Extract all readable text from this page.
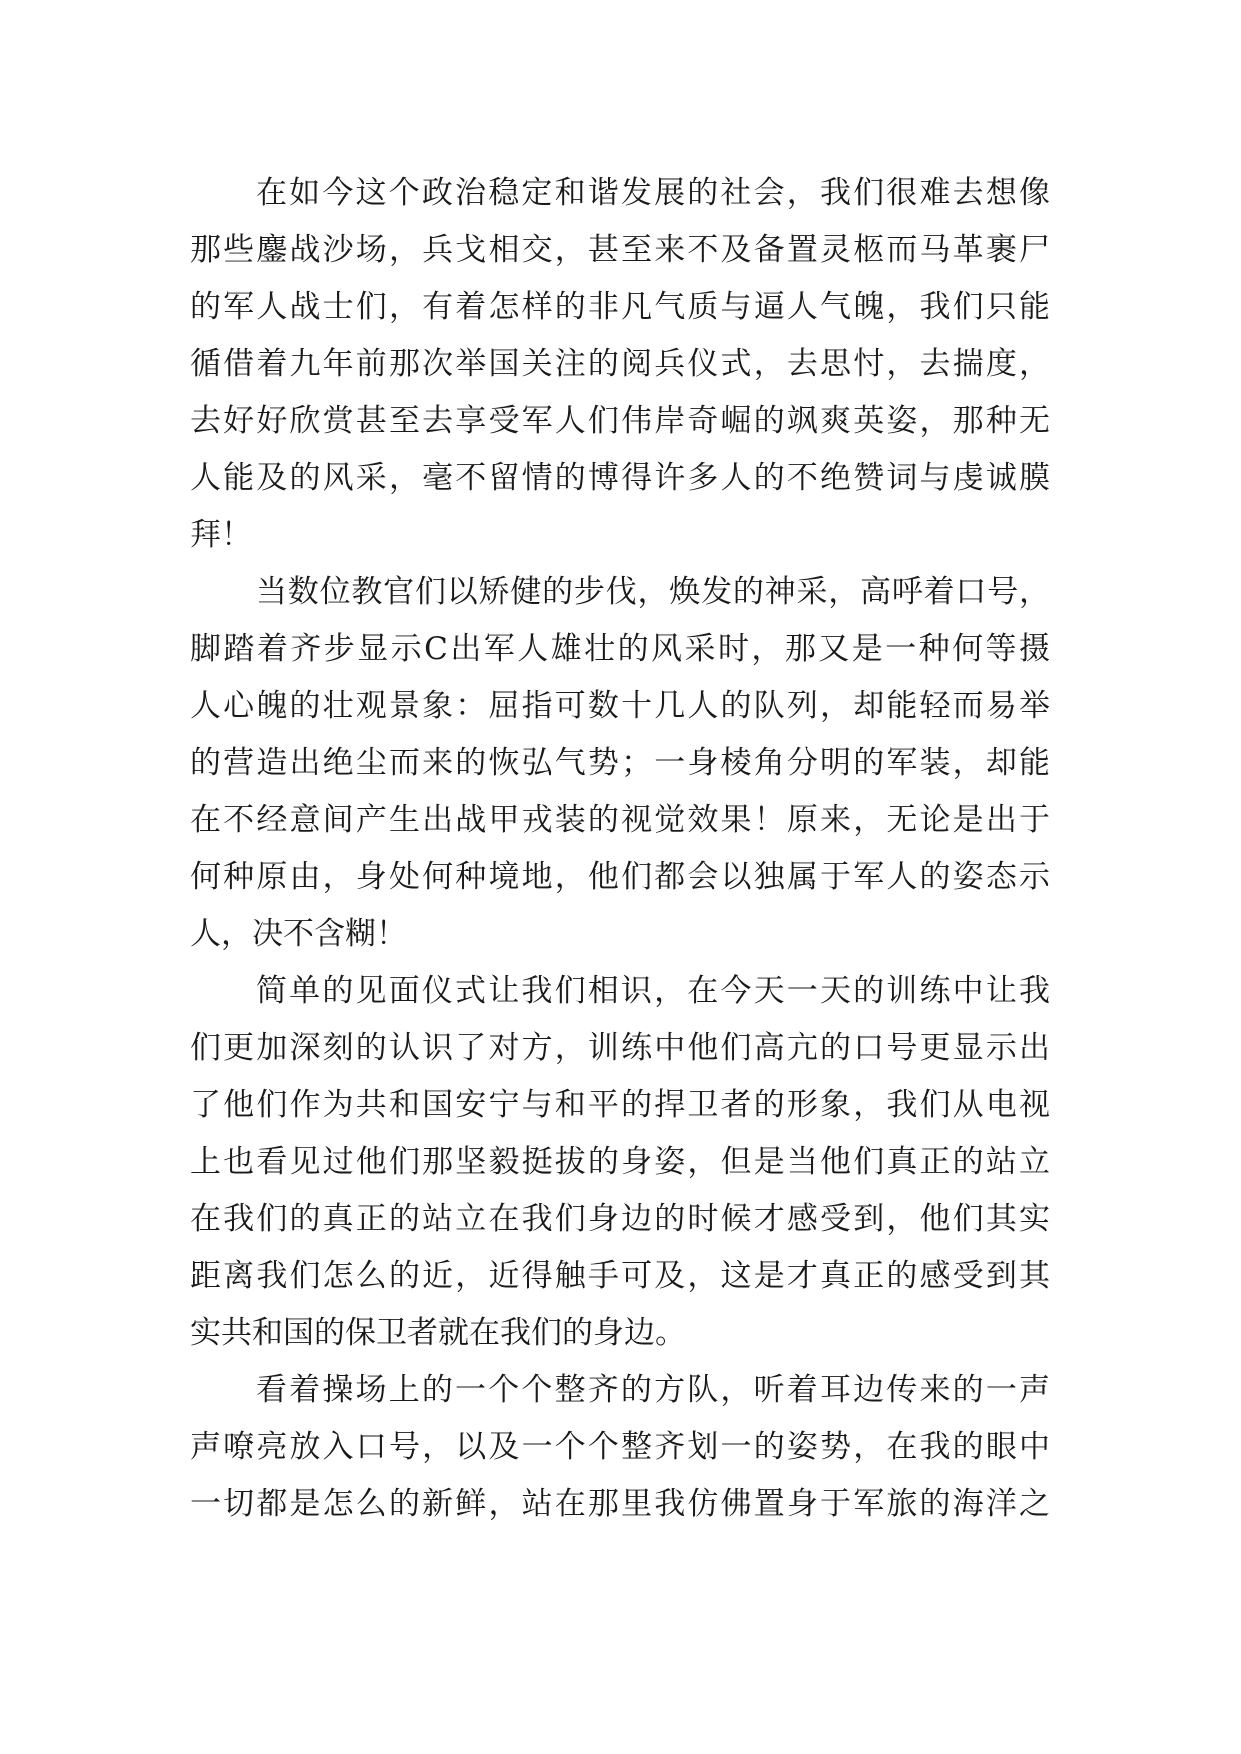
在如今这个政治稳定和谐发展的社会，我们很难去想像
那些鏖战沙场，兵戈相交，甚至来不及备置灵柩而马革裹尸
的军人战士们，有着怎样的非凡气质与逼人气魄，我们只能
循借着九年前那次举国关注的阅兵仪式，去思忖，去揣度，
去好好欣赏甚至去享受军人们伟岸奇崛的飒爽英姿，那种无
人能及的风采，毫不留情的博得许多人的不绝赞词与虔诚膜
拜！
当数位教官们以矫健的步伐，焕发的神采，高呼着口号，
脚踏着齐步显示C出军人雄壮的风采时，那又是一种何等摄
人心魄的壮观景象：屈指可数十几人的队列，却能轻而易举
的营造出绝尘而来的恢弘气势；一身棱角分明的军装，却能
在不经意间产生出战甲戎装的视觉效果！原来，无论是出于
何种原由，身处何种境地，他们都会以独属于军人的姿态示
人，决不含糊！
简单的见面仪式让我们相识，在今天一天的训练中让我
们更加深刻的认识了对方，训练中他们高亢的口号更显示出
了他们作为共和国安宁与和平的捍卫者的形象，我们从电视
上也看见过他们那坚毅挺拔的身姿，但是当他们真正的站立
在我们的真正的站立在我们身边的时候才感受到，他们其实
距离我们怎么的近，近得触手可及，这是才真正的感受到其
实共和国的保卫者就在我们的身边。
看着操场上的一个个整齐的方队，听着耳边传来的一声
声嘹亮放入口号，以及一个个整齐划一的姿势，在我的眼中
一切都是怎么的新鲜，站在那里我仿佛置身于军旅的海洋之
